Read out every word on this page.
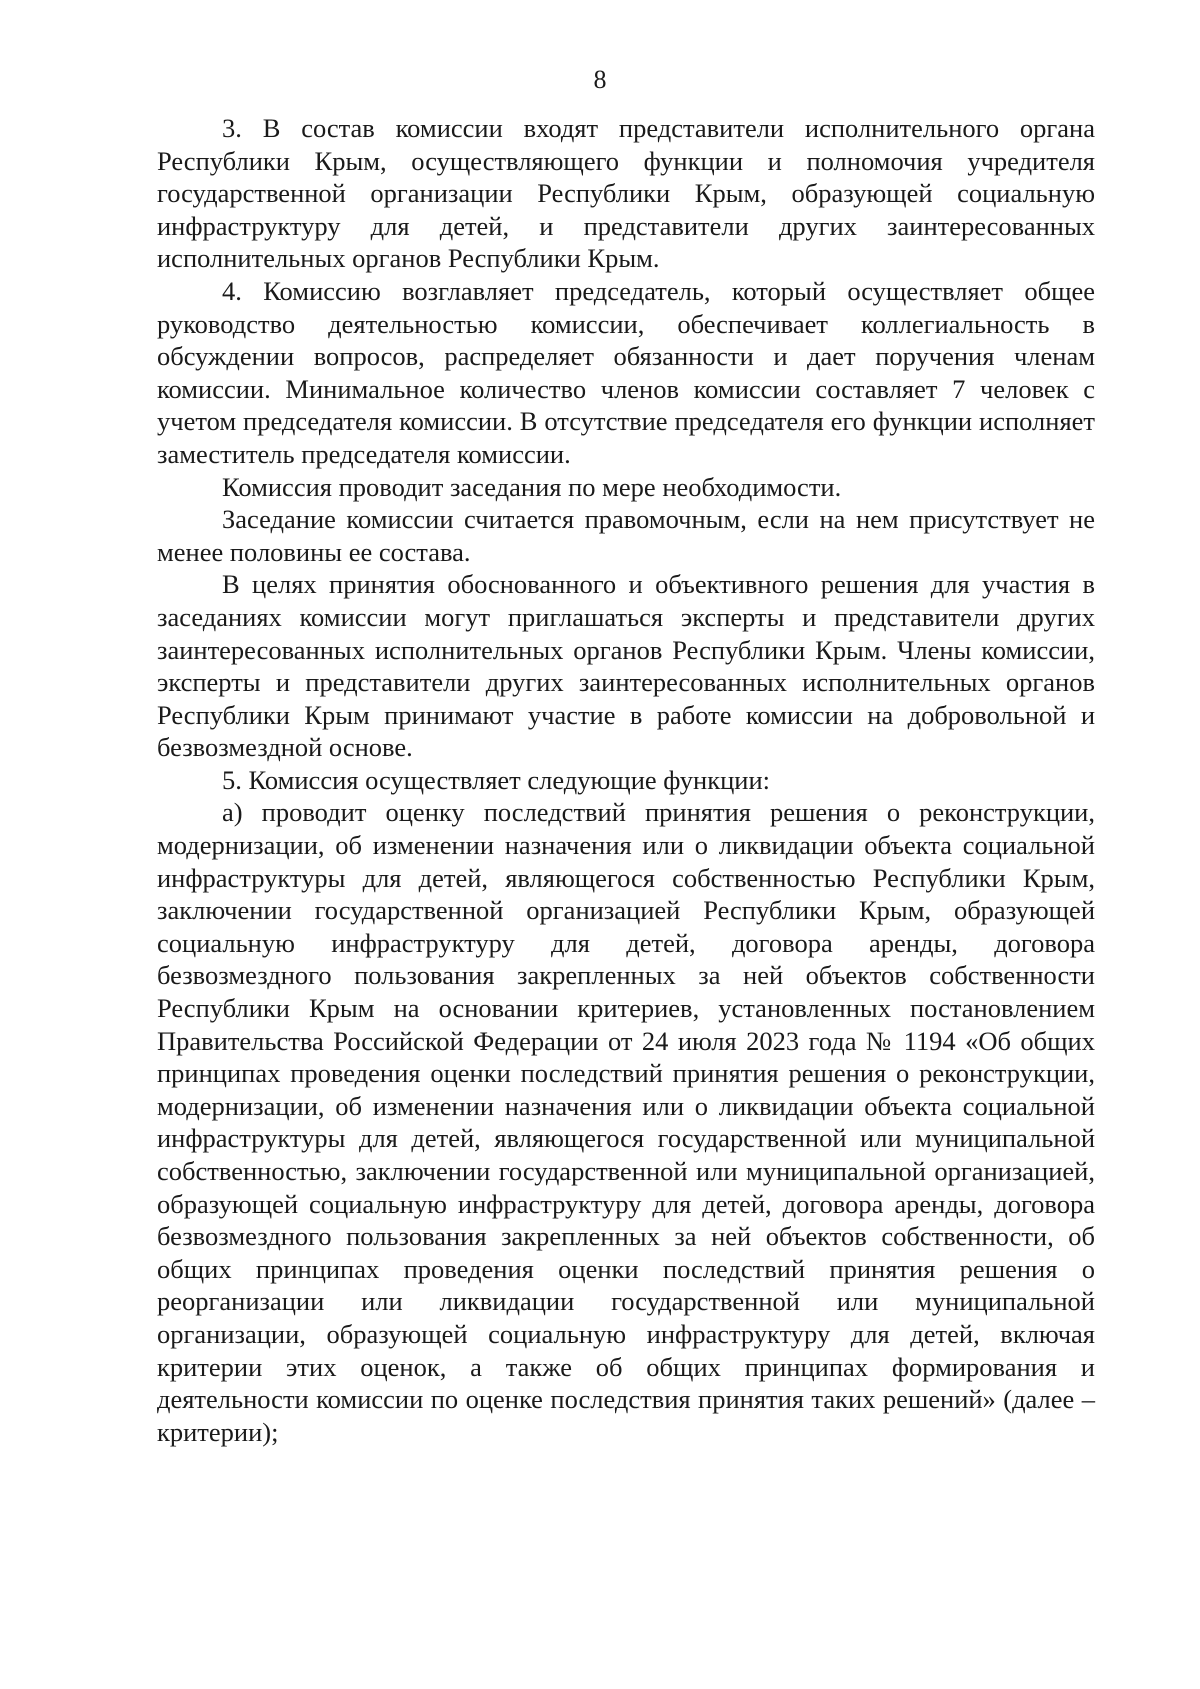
8

3. В состав комиссии входят представители исполнительного органа Республики Крым, осуществляющего функции и полномочия учредителя государственной организации Республики Крым, образующей социальную инфраструктуру для детей, и представители других заинтересованных исполнительных органов Республики Крым.

4. Комиссию возглавляет председатель, который осуществляет общее руководство деятельностью комиссии, обеспечивает коллегиальность в обсуждении вопросов, распределяет обязанности и дает поручения членам комиссии. Минимальное количество членов комиссии составляет 7 человек с учетом председателя комиссии. В отсутствие председателя его функции исполняет заместитель председателя комиссии.

Комиссия проводит заседания по мере необходимости.

Заседание комиссии считается правомочным, если на нем присутствует не менее половины ее состава.

В целях принятия обоснованного и объективного решения для участия в заседаниях комиссии могут приглашаться эксперты и представители других заинтересованных исполнительных органов Республики Крым. Члены комиссии, эксперты и представители других заинтересованных исполнительных органов Республики Крым принимают участие в работе комиссии на добровольной и безвозмездной основе.

5. Комиссия осуществляет следующие функции:

а) проводит оценку последствий принятия решения о реконструкции, модернизации, об изменении назначения или о ликвидации объекта социальной инфраструктуры для детей, являющегося собственностью Республики Крым, заключении государственной организацией Республики Крым, образующей социальную инфраструктуру для детей, договора аренды, договора безвозмездного пользования закрепленных за ней объектов собственности Республики Крым на основании критериев, установленных постановлением Правительства Российской Федерации от 24 июля 2023 года № 1194 «Об общих принципах проведения оценки последствий принятия решения о реконструкции, модернизации, об изменении назначения или о ликвидации объекта социальной инфраструктуры для детей, являющегося государственной или муниципальной собственностью, заключении государственной или муниципальной организацией, образующей социальную инфраструктуру для детей, договора аренды, договора безвозмездного пользования закрепленных за ней объектов собственности, об общих принципах проведения оценки последствий принятия решения о реорганизации или ликвидации государственной или муниципальной организации, образующей социальную инфраструктуру для детей, включая критерии этих оценок, а также об общих принципах формирования и деятельности комиссии по оценке последствия принятия таких решений» (далее – критерии);
